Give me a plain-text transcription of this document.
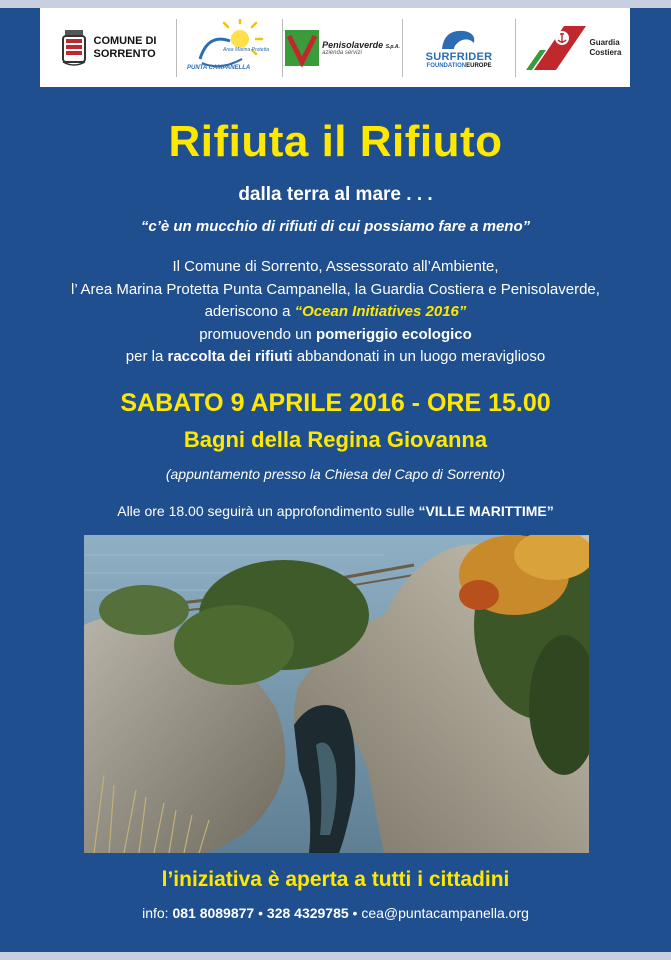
COMUNE DI
SORRENTO	Area Marina Protetta
PUNTA CAMPANELLA
Penisolaverde S.p.A.
azienda servizi	SURFRIDER
FOUNDATIONEUROPE
Guardia
Costiera
Rifiuta il Rifiuto
dalla terra al mare . . .
“c’è un mucchio di rifiuti di cui possiamo fare a meno”
Il Comune di Sorrento, Assessorato all’Ambiente,
l’ Area Marina Protetta Punta Campanella, la Guardia Costiera e Penisolaverde,
aderiscono a “Ocean Initiatives 2016”
promuovendo un pomeriggio ecologico
per la raccolta dei rifiuti abbandonati in un luogo meraviglioso
SABATO 9 APRILE 2016 - ORE 15.00
Bagni della Regina Giovanna
(appuntamento presso la Chiesa del Capo di Sorrento)
Alle ore 18.00 seguirà un approfondimento sulle “VILLE MARITTIME”
l’iniziativa è aperta a tutti i cittadini
info: 081 8089877 • 328 4329785 • cea@puntacampanella.org
